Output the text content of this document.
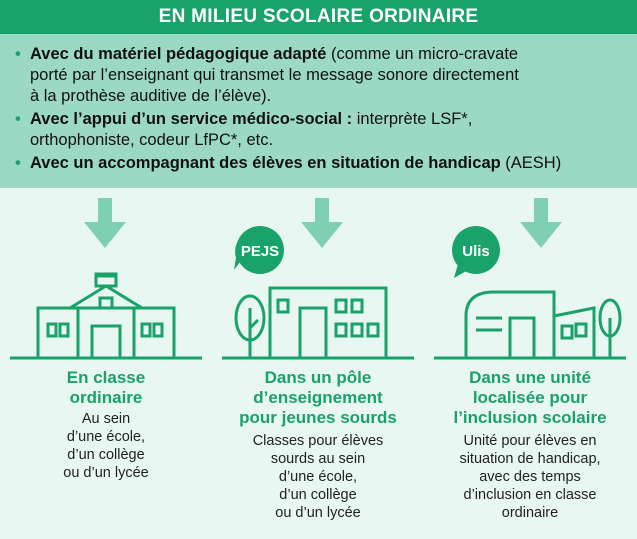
EN MILIEU SCOLAIRE ORDINAIRE
• Avec du matériel pédagogique adapté (comme un micro-cravate
porté par l’enseignant qui transmet le message sonore directement
à la prothèse auditive de l’élève).
• Avec l’appui d’un service médico-social : interprète LSF*,
orthophoniste, codeur LfPC*, etc.
• Avec un accompagnant des élèves en situation de handicap (AESH)
En classe
ordinaire
Au sein
d’une école,
d’un collège
ou d’un lycée
PEJS
Dans un pôle
d’enseignement
pour jeunes sourds
Classes pour élèves
sourds au sein
d’une école,
d’un collège
ou d’un lycée
Ulis
Dans une unité
localisée pour
l’inclusion scolaire
Unité pour élèves en
situation de handicap,
avec des temps
d’inclusion en classe
ordinaire
